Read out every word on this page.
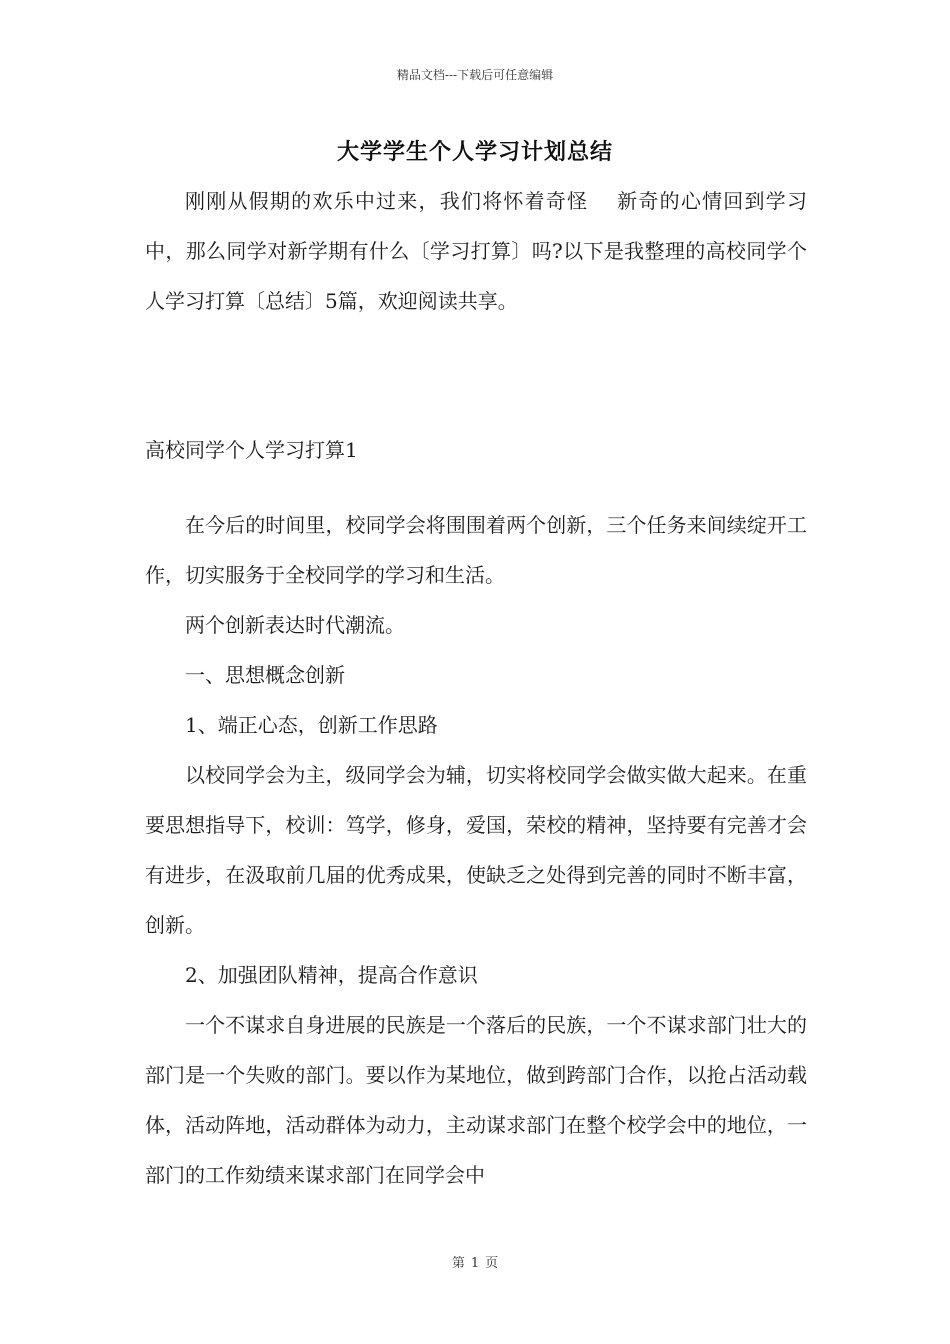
精品文档---下载后可任意编辑
大学学生个人学习计划总结

刚刚从假期的欢乐中过来，我们将怀着奇怪　 新奇的心情回到学习中，那么同学对新学期有什么〔学习打算〕吗?以下是我整理的高校同学个人学习打算〔总结〕5篇，欢迎阅读共享。

高校同学个人学习打算1

在今后的时间里，校同学会将围围着两个创新，三个任务来间续绽开工作，切实服务于全校同学的学习和生活。

两个创新表达时代潮流。

一、思想概念创新

1、端正心态，创新工作思路

以校同学会为主，级同学会为辅，切实将校同学会做实做大起来。在重要思想指导下，校训：笃学，修身，爱国，荣校的精神，坚持要有完善才会有进步，在汲取前几届的优秀成果，使缺乏之处得到完善的同时不断丰富，创新。

2、加强团队精神，提高合作意识

一个不谋求自身进展的民族是一个落后的民族，一个不谋求部门壮大的部门是一个失败的部门。要以作为某地位，做到跨部门合作，以抢占活动载体，活动阵地，活动群体为动力，主动谋求部门在整个校学会中的地位，一部门的工作劾绩来谋求部门在同学会中

第 1 页
